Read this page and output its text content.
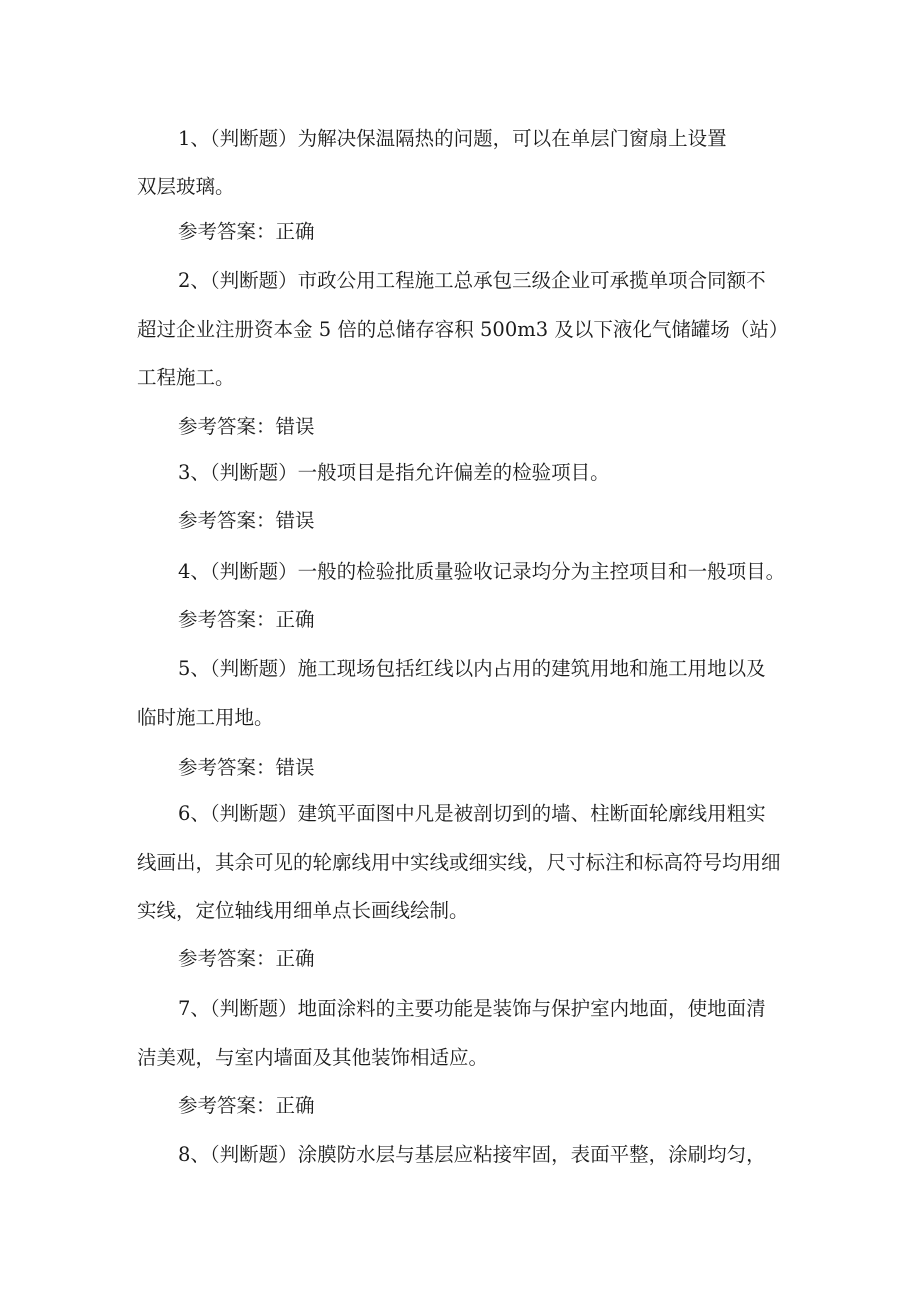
1、（判断题）为解决保温隔热的问题，可以在单层门窗扇上设置
双层玻璃。
参考答案：正确
2、（判断题）市政公用工程施工总承包三级企业可承揽单项合同额不
超过企业注册资本金 5 倍的总储存容积 500m3 及以下液化气储罐场（站）
工程施工。
参考答案：错误
3、（判断题）一般项目是指允许偏差的检验项目。
参考答案：错误
4、（判断题）一般的检验批质量验收记录均分为主控项目和一般项目。
参考答案：正确
5、（判断题）施工现场包括红线以内占用的建筑用地和施工用地以及
临时施工用地。
参考答案：错误
6、（判断题）建筑平面图中凡是被剖切到的墙、柱断面轮廓线用粗实
线画出，其余可见的轮廓线用中实线或细实线，尺寸标注和标高符号均用细
实线，定位轴线用细单点长画线绘制。
参考答案：正确
7、（判断题）地面涂料的主要功能是装饰与保护室内地面，使地面清
洁美观，与室内墙面及其他装饰相适应。
参考答案：正确
8、（判断题）涂膜防水层与基层应粘接牢固，表面平整，涂刷均匀，
